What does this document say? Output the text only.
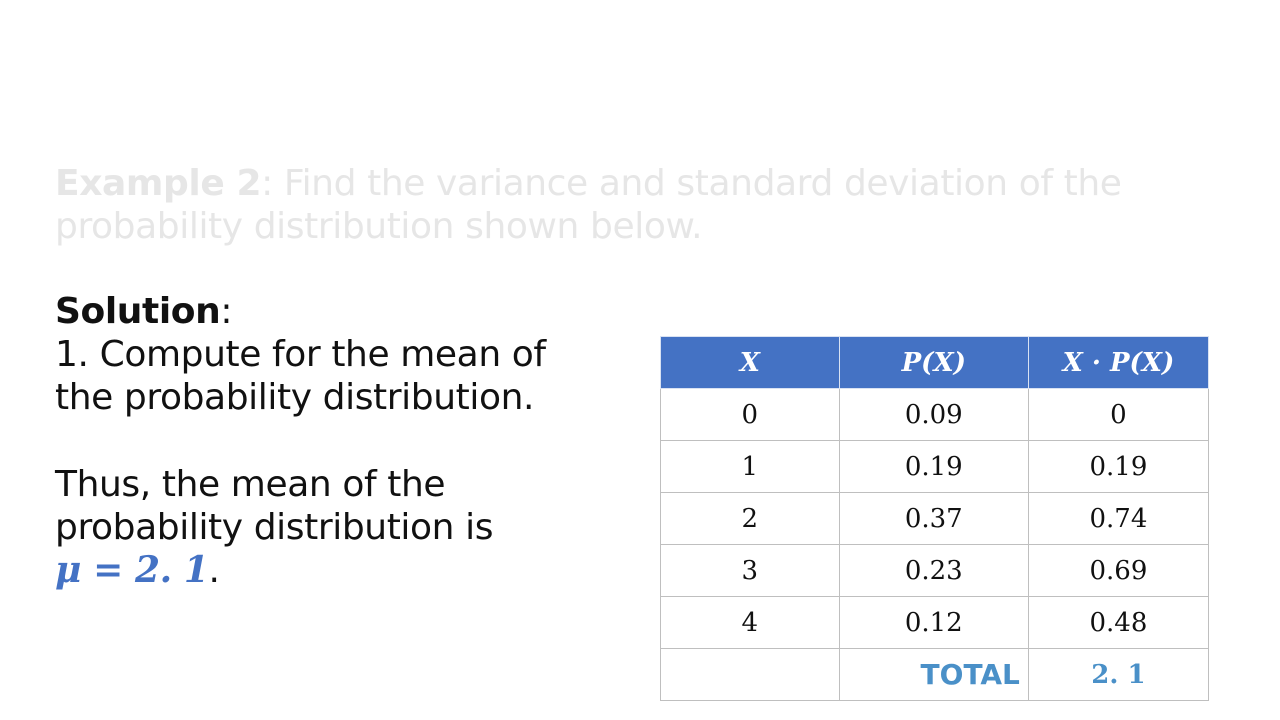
Example 2: Find the variance and standard deviation of the probability distribution shown below.
Solution:
1. Compute for the mean of
the probability distribution.
Thus, the mean of the
probability distribution is
μ = 2. 1.
X	P(X)	X · P(X)
0	0.09	0
1	0.19	0.19
2	0.37	0.74
3	0.23	0.69
4	0.12	0.48
	TOTAL	2. 1
